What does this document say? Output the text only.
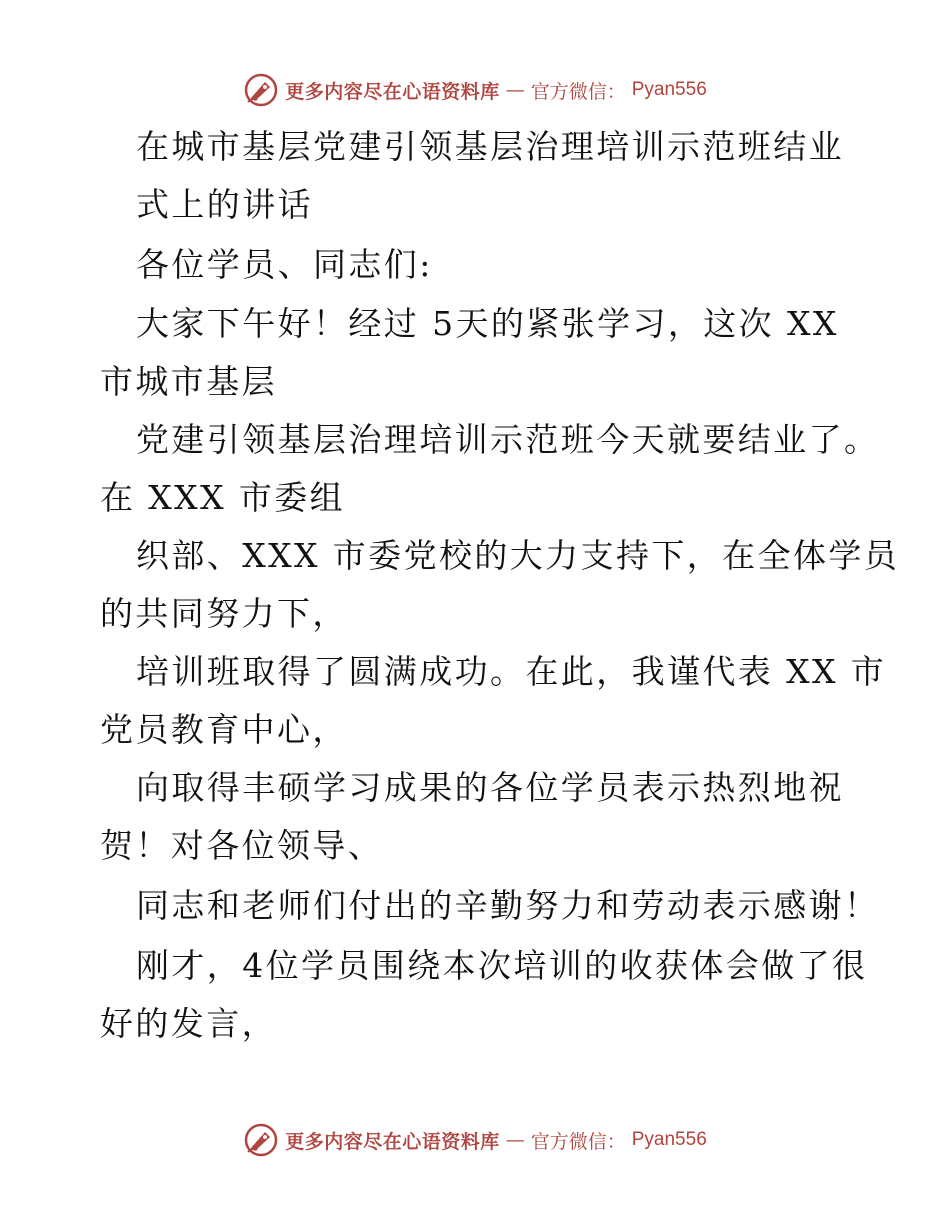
更多内容尽在心语资料库 — 官方微信： Pyan556
在城市基层党建引领基层治理培训示范班结业
式上的讲话
各位学员、同志们:
大家下午好！经过 5天的紧张学习，这次 XX
市城市基层
党建引领基层治理培训示范班今天就要结业了。
在 XXX 市委组
织部、XXX 市委党校的大力支持下，在全体学员
的共同努力下，
培训班取得了圆满成功。在此，我谨代表 XX 市
党员教育中心，
向取得丰硕学习成果的各位学员表示热烈地祝
贺！对各位领导、
同志和老师们付出的辛勤努力和劳动表示感谢！
刚才，4位学员围绕本次培训的收获体会做了很
好的发言，
更多内容尽在心语资料库 — 官方微信： Pyan556
